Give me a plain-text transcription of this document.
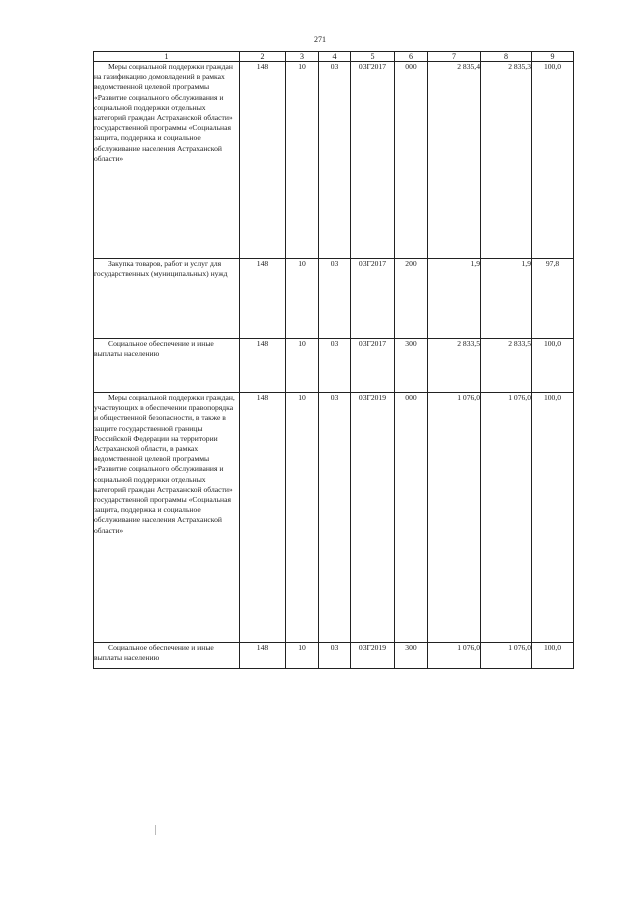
271
1	2	3	4	5	6	7	8	9
Меры социальной поддержки граждан на газификацию домовладений в рамках ведомственной целевой программы «Развитие социального обслуживания и социальной поддержки отдельных категорий граждан Астраханской области» государственной программы «Социальная защита, поддержка и социальное обслуживание населения Астраханской области»	148	10	03	03Г2017	000	2 835,4	2 835,3	100,0
Закупка товаров, работ и услуг для государственных (муниципальных) нужд	148	10	03	03Г2017	200	1,9	1,9	97,8
Социальное обеспечение и иные выплаты населению	148	10	03	03Г2017	300	2 833,5	2 833,5	100,0
Меры социальной поддержки граждан, участвующих в обеспечении правопорядка и общественной безопасности, в также в защите государственной границы Российской Федерации на территории Астраханской области, в рамках ведомственной целевой программы «Развитие социального обслуживания и социальной поддержки отдельных категорий граждан Астраханской области» государственной программы «Социальная защита, поддержка и социальное обслуживание населения Астраханской области»	148	10	03	03Г2019	000	1 076,0	1 076,0	100,0
Социальное обеспечение и иные выплаты населению	148	10	03	03Г2019	300	1 076,0	1 076,0	100,0
